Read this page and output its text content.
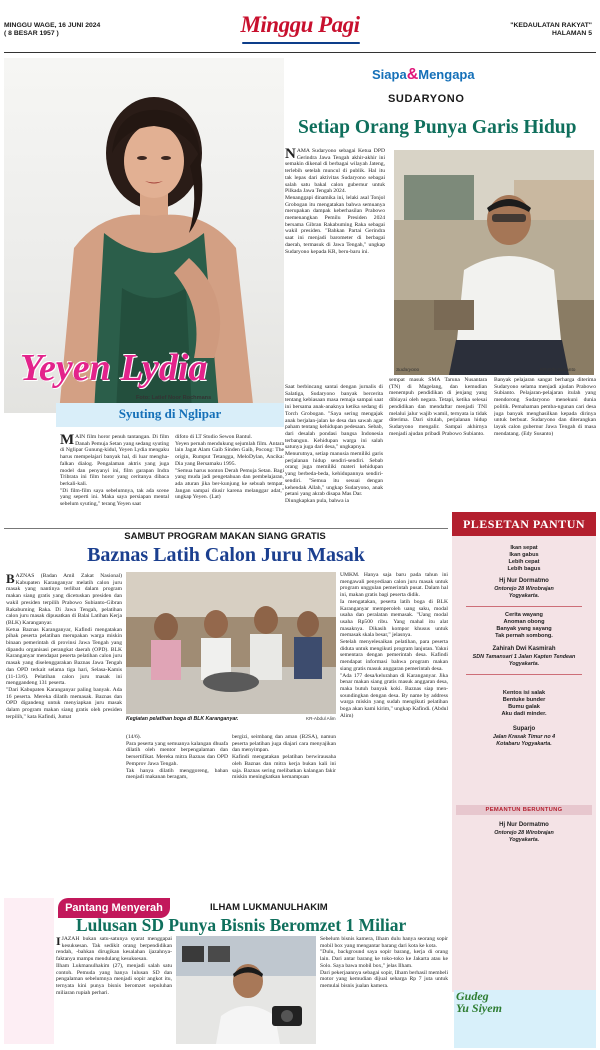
MINGGU WAGE, 16 JUNI 2024
( 8 BESAR 1957 )	Minggu Pagi	"KEDAULATAN RAKYAT"
HALAMAN 5
Yeyen Lydia
Foto: Latief Noor Rochmans
Syuting di Nglipar
MAIN film horor penuh tantangan. Di film Danah Pemuja Setan yang sedang syuting di Nglipar Gunung-kidul, Yeyen Lydia mengaku harus mempelajari banyak hal, di luar mengha-falkan dialog. Pengalaman aktris yang juga model dan penyanyi ini, film garapan Indra Tribrata ini film horor yang ceritanya dibaca berkali-kali.
"Di film-film saya sebelumnya, tak ada scene yang seperti ini. Maka saya persiapan mental sebelum syuting," terang Yeyen saat
difoto di LT Studio Sewon Bantul.
Yeyen pernah mendukung sejumlah film. Antara lain Jagat Alam Gaib Sinden Gaib, Pocong: The origin, Rumput Tetangga, MeloDylan, Ancika: Dia yang Bersamaku 1995.
"Semua harus nonton Derah Pemuja Setan. Bagi yang muda jadi pengetahuan dan pembelajaran, ada aturan jika ber-kunjung ke sebuah tempat. Jangan sampai diusir karena melanggar adat," ungkap Yeyen. (Lat)
Siapa&Mengapa
SUDARYONO
Setiap Orang Punya Garis Hidup
NAMA Sudaryono sebagai Ketua DPD Gerindra Jawa Tengah akhir-akhir ini semakin dikenal di berbagai wilayah Jateng, terlebih setelah muncul di publik. Hal itu tak lepas dari aktivitas Sudaryono sebagai salah satu bakal calon gubernur untuk Pilkada Jawa Tengah 2024.
Menanggapi dinamika ini, lelaki asal Tonjol Grobogan itu mengatakan bahwa semuanya merupakan dampak keberhasilan Prabowo memenangkan Pemilu Presiden 2024 bersama Gibran Rakabuming Raka sebagai wakil presiden. "Bahkan Partai Gerindra saat ini menjadi barometer di berbagai daerah, termasuk di Jawa Tengah," ungkap Sudaryono kepada KR, beru-baru ini.
Sudaryono	KR-Edy Susanto
Saat berbincang santai dengan jurnalis di Salatiga, Sudaryono banyak bercerita tentang kebiasaan masa remaja sampai saat ini bersama anak-anaknya ketika sedang di Torch Grobogan. "Saya sering mengajak anak berjalan-jalan ke desa dan sawah agar paham tentang kehidupan pedesaan. Sebab, dari desalah pondasi bangsa Indonesia terbangun. Kehidupan warga ini salah satunya juga dari desa," ungkapnya.
Menurutnya, setiap manusia memiliki garis perjalanan hidup sendiri-sendiri. Sebab orang juga memiliki materi kehidupan yang berbeda-beda, kehidupannya sendiri-sendiri. "Semua itu sesuai dengan kehendak Allah," ungkap Sudaryono, anak petani yang akrab disapa Mas Dar.
Diungkapkan pula, bahwa ia
sempat masuk SMA Taruna Nusantara (TN) di Magelang, dan kemudian menempuh pendidikan di jenjang yang dibiayai oleh negara. Tetapi, ketika selesai pendidikan dan mendaftar menjadi TNI melalui jalur wajib wamil, ternyata ia tidak diterima. Dari situlah, perjalanan hidup Sudaryono mengalir. Sampai akhirnya menjadi ajudan pribadi Prabowo Subianto.
Banyak pelajaran sangat berharga diterima Sudaryono selama menjadi ajudan Prabowo Subianto. Pelajaran-pelajaran itulah yang mendorong Sudaryono menekuni dunia politik. Pemahaman pemba-ngunan cari desa juga banyak menghasilkan kepada dirinya untuk berbuat. Sudaryono dan diterangkan layak calon gubernur Jawa Tengah di masa mendatang. (Edy Susanto)
PLESETAN PANTUN
Ikan sepat
Ikan gabus
Lebih cepat
Lebih bagus
Hj Nur Dormatmo
Ontorejo 28 Wirobrajan
Yogyakarta.
Cerita wayang
Anoman obong
Banyak yang sayang
Tak pernah sombong.
Zahirah Dwi Kasmirah
SDN Tamansari 1 Jalan Kapten Tendean
Yogyakarta.
Kentos isi salak
Bentuke bunder
Bumu galak
Aku dadi minder.
Suparjo
Jalan Krasak Timur no 4
Kotabaru Yogyakarta.
PEMANTUN BERUNTUNG
Hj Nur Dormatmo
Ontorejo 28 Wirobrajan
Yogyakarta.
SAMBUT PROGRAM MAKAN SIANG GRATIS
Baznas Latih Calon Juru Masak
BAZNAS (Badan Amil Zakat Nasional) Kabupaten Karanganyar melatih calon juru masak yang nantinya terlibat dalam program makan siang gratis yang dicetuskan presiden dan wakil presiden terpilih Prabowo Subianto-Gibran Rakabuming Raka. Di Jawa Tengah, pelatihan calon juru masak dipusatkan di Balai Latihan Kerja (BLK) Karanganyar.
Ketua Baznas Karanganyar, Kafindi mengatakan pihak peserta pelatihan merupakan warga miskin binaan pemerintah di provinsi Jawa Tengah yang dipandu organisasi perangkat daerah (OPD). BLK Karanganyar mendapat peserta pelatihan calon juru masak yang diselenggarakan Baznas Jawa Tengah dan OPD terkait selama tiga hari, Selasa-Kamis (11-13/6). Pelatihan calon juru masak ini menggandeng 131 peserta.
"Dari Kabupaten Karanganyar paling banyak. Ada 16 peserta. Mereka dilatih memasak. Baznas dan OPD digandeng untuk menyiapkan juru masak dalam program makan siang gratis oleh presiden terpilih," kata Kafindi, Jumat	Kegiatan pelatihan boga di BLK Karanganyar.	KR-Abdul Alim
(14/6).
Para peserta yang semuanya kalangan dhuafa dilatih oleh mentor berpengalaman dan bersertifikat. Mereka mitra Baznas dan OPD Pemprov Jawa Tengah.
Tak hanya dilatih menggoreng, bahan menjadi makanan beragam,
bergizi, seimbang dan aman (B2SA), namun peserta pelatihan juga diajari cara menyajikan dan menyimpan.
Kafindi mengatakan pelatihan berwirausaha oleh Baznas dan mitra kerja bukan kali ini saja. Baznas sering melibatkan kalangan fakir miskin meningkatkan kemampuan
UMKM. Hanya saja baru pada tahun ini mengawali penyediaan calon juru masak untuk program unggulan pemerintah pusat. Dalam hal ini, makan gratis bagi peserta didik.
Ia mengatakan, peserta latih boga di BLK Karanganyar memperoleh uang saku, modal usaha dan peralatan memasak. "Uang modal usaha Rp500 ribu. Yang mahal itu alat masaknya. Dikasih kompor khusus untuk memasak skala besar," jelasnya.
Setelah menyelesaikan pelatihan, para peserta diduta untuk mengikuti program lanjutan. Yakni sementara dengan pemerintah desa. Kafindi mendapat informasi bahwa program makan siang gratis masuk anggaran pemerintah desa.
"Ada 177 desa/kelurahan di Karanganyar. Jika benar makan siang gratis masuk anggaran desa, maka butuh banyak koki. Baznas siap men-soundingkan dengan desa. By name by address warga miskin yang sudah mengikuti pelatihan boga akan kami kirim," ungkap Kafindi. (Abdul Alim)
Pantang Menyerah	ILHAM LUKMANULHAKIM
Lulusan SD Punya Bisnis Beromzet 1 Miliar
IJAZAH bukan satu-satunya syarat menggapai kesuksesan. Tak sedikit orang berpendidikan rendah, -bahkan dirugikan kesalahan ijazahnya- faktanya mampu mendulang kesuksesan.
Ilham Lukmanulhakim (27), menjadi salah satu contoh. Pemuda yang hanya lulusan SD dan pengalaman sebelumnya menjadi sopir angkot itu, ternyata kini punya bisnis beromzet sepuluhan miliaran rupiah perhari.
Sebelum bisnis kamera, Ilham dulu hanya seorang sopir mobil box yang mengantar barang dari kota ke kota.
"Dulu, background saya sopir barang, kerja di orang lain. Dari antar barang ke toko-toko ke Jakarta atau ke Solo. Saya bawa mobil box," jelas Ilham.
Dari pekerjaannya sebagai sopir, Ilham berhasil membeli motor yang kemudian dijual seharga Rp 7 juta untuk memulai bisnis jualan kamera.
Gudeg
Yu Siyem
